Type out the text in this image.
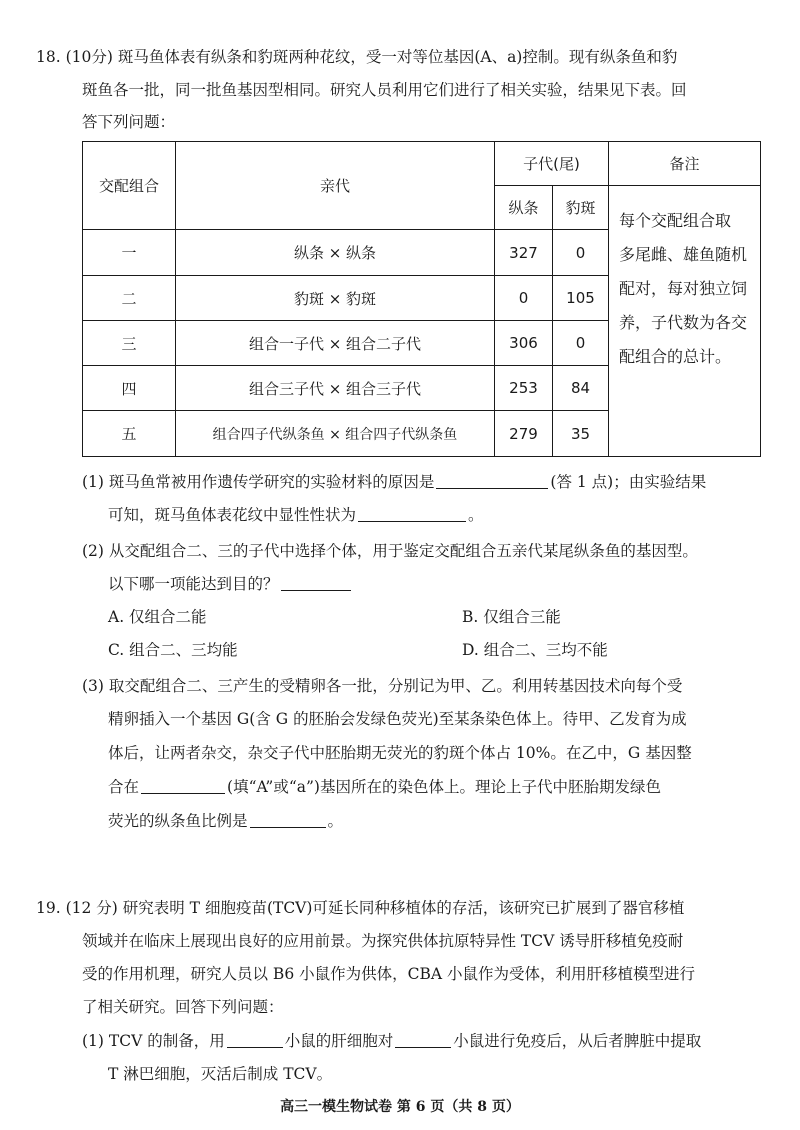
18. (10分) 斑马鱼体表有纵条和豹斑两种花纹，受一对等位基因(A、a)控制。现有纵条鱼和豹
斑鱼各一批，同一批鱼基因型相同。研究人员利用它们进行了相关实验，结果见下表。回
答下列问题：
交配组合	亲代	子代(尾)		备注
		纵条	豹斑	每个交配组合取
多尾雌、雄鱼随机
配对，每对独立饲
养，子代数为各交
配组合的总计。

一	纵条 × 纵条	327	0	
二	豹斑 × 豹斑	0	105	
三	组合一子代 × 组合二子代	306	0	
四	组合三子代 × 组合三子代	253	84	
五	组合四子代纵条鱼 × 组合四子代纵条鱼	279	35	
(1) 斑马鱼常被用作遗传学研究的实验材料的原因是	(答 1 点)；由实验结果
可知，斑马鱼体表花纹中显性性状为	。
(2) 从交配组合二、三的子代中选择个体，用于鉴定交配组合五亲代某尾纵条鱼的基因型。
以下哪一项能达到目的？
A. 仅组合二能	B. 仅组合三能
C. 组合二、三均能	D. 组合二、三均不能
(3) 取交配组合二、三产生的受精卵各一批，分别记为甲、乙。利用转基因技术向每个受
精卵插入一个基因 G(含 G 的胚胎会发绿色荧光)至某条染色体上。待甲、乙发育为成
体后，让两者杂交，杂交子代中胚胎期无荧光的豹斑个体占 10%。在乙中，G 基因整
合在	(填“A”或“a”)基因所在的染色体上。理论上子代中胚胎期发绿色
荧光的纵条鱼比例是	。
19. (12 分) 研究表明 T 细胞疫苗(TCV)可延长同种移植体的存活，该研究已扩展到了器官移植
领域并在临床上展现出良好的应用前景。为探究供体抗原特异性 TCV 诱导肝移植免疫耐
受的作用机理，研究人员以 B6 小鼠作为供体，CBA 小鼠作为受体，利用肝移植模型进行
了相关研究。回答下列问题：
(1) TCV 的制备，用	小鼠的肝细胞对	小鼠进行免疫后，从后者脾脏中提取
T 淋巴细胞，灭活后制成 TCV。
高三一模生物试卷 第 6 页（共 8 页）
